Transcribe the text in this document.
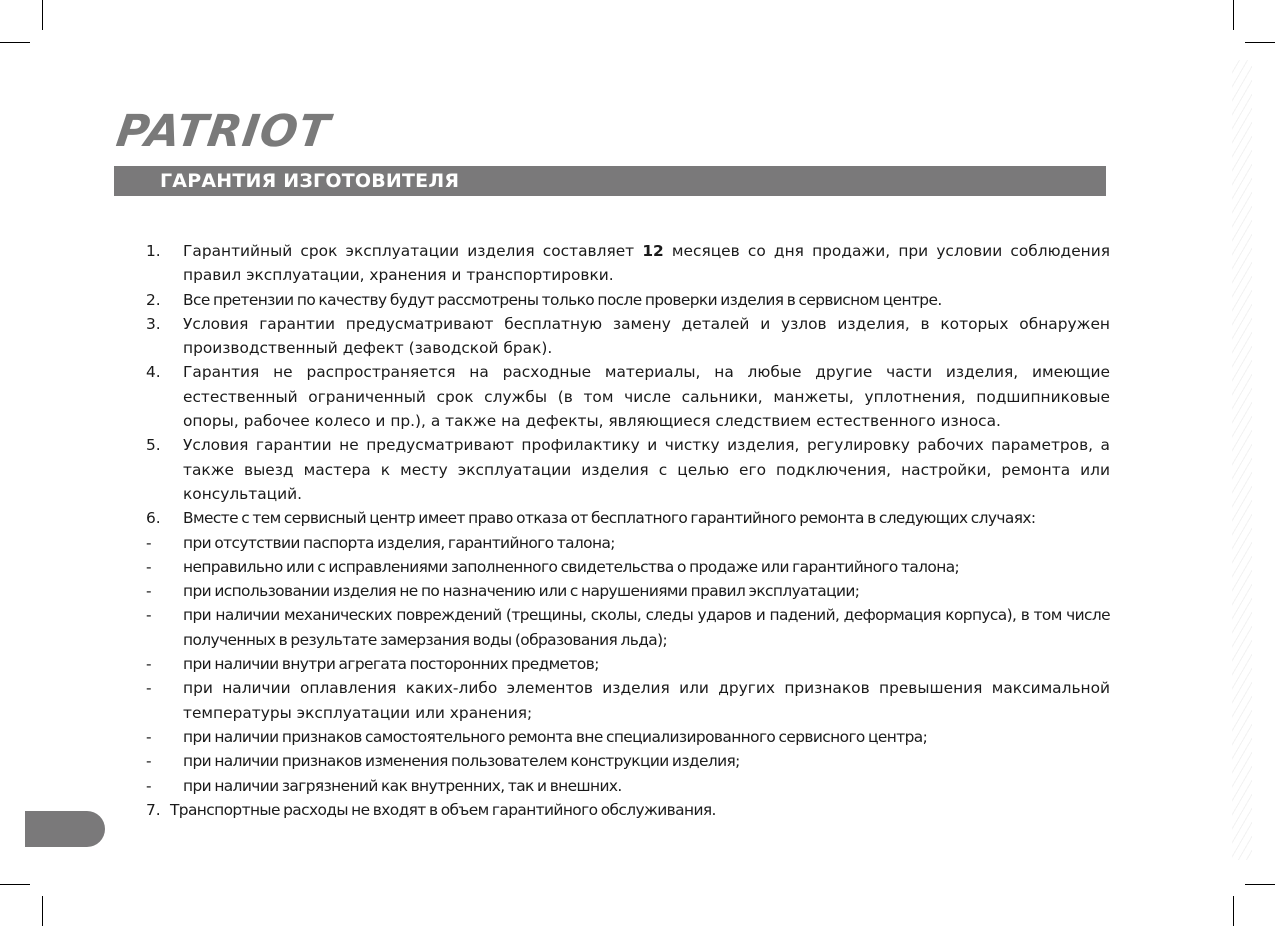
PATRIOT
ГАРАНТИЯ ИЗГОТОВИТЕЛЯ
1. Гарантийный срок эксплуатации изделия составляет 12 месяцев со дня продажи, при условии соблюдения правил эксплуатации, хранения и транспортировки.
2. Все претензии по качеству будут рассмотрены только после проверки изделия в сервисном центре.
3. Условия гарантии предусматривают бесплатную замену деталей и узлов изделия, в которых обнаружен производственный дефект (заводской брак).
4. Гарантия не распространяется на расходные материалы, на любые другие части изделия, имеющие естественный ограниченный срок службы (в том числе сальники, манжеты, уплотнения, подшипниковые опоры, рабочее колесо и пр.), а также на дефекты, являющиеся следствием естественного износа.
5. Условия гарантии не предусматривают профилактику и чистку изделия, регулировку рабочих параметров, а также выезд мастера к месту эксплуатации изделия с целью его подключения, настройки, ремонта или консультаций.
6. Вместе с тем сервисный центр имеет право отказа от бесплатного гарантийного ремонта в следующих случаях:
- при отсутствии паспорта изделия, гарантийного талона;
- неправильно или с исправлениями заполненного свидетельства о продаже или гарантийного талона;
- при использовании изделия не по назначению или с нарушениями правил эксплуатации;
- при наличии механических повреждений (трещины, сколы, следы ударов и падений, деформация корпуса), в том числе полученных в результате замерзания воды (образования льда);
- при наличии внутри агрегата посторонних предметов;
- при наличии оплавления каких-либо элементов изделия или других признаков превышения максимальной температуры эксплуатации или хранения;
- при наличии признаков самостоятельного ремонта вне специализированного сервисного центра;
- при наличии признаков изменения пользователем конструкции изделия;
- при наличии загрязнений как внутренних, так и внешних.
7. Транспортные расходы не входят в объем гарантийного обслуживания.
